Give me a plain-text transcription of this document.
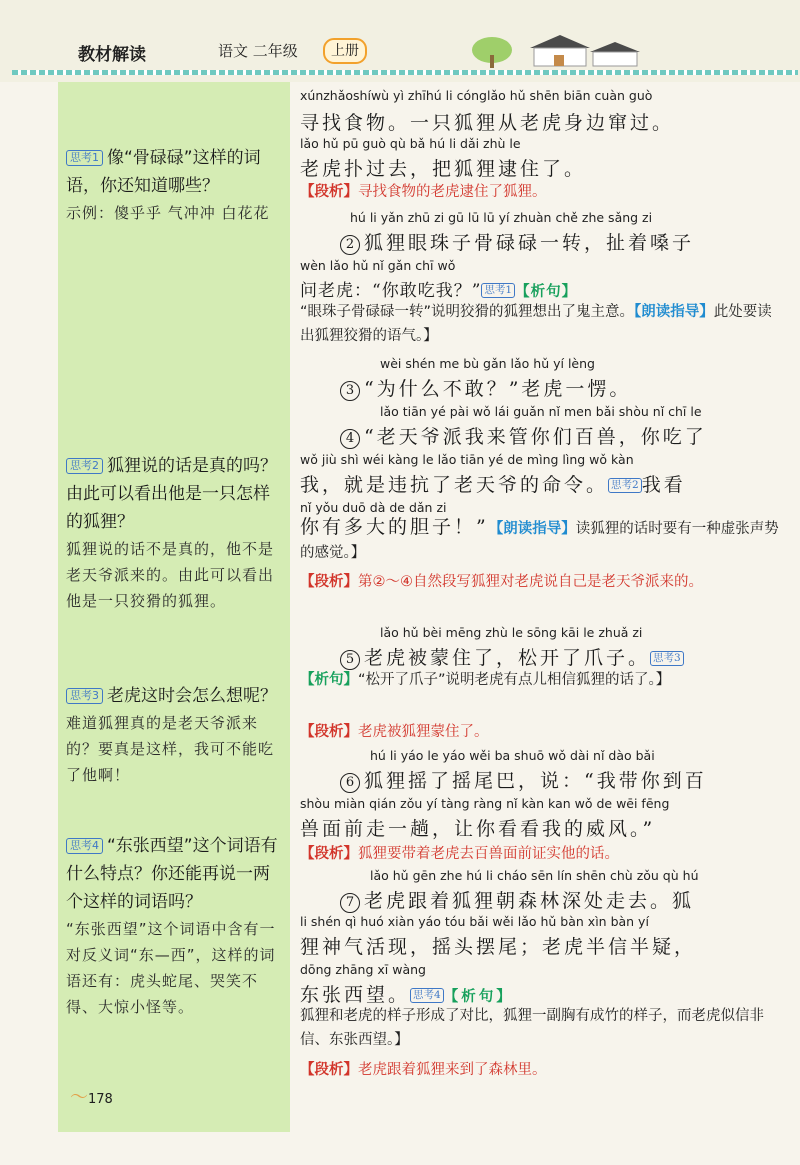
教材解读	语文 二年级	上册
思考1 像“骨碌碌”这样的词语，你还知道哪些？
示例：傻乎乎 气冲冲 白花花
思考2 狐狸说的话是真的吗？由此可以看出他是一只怎样的狐狸？
狐狸说的话不是真的，他不是老天爷派来的。由此可以看出他是一只狡猾的狐狸。
思考3 老虎这时会怎么想呢？
难道狐狸真的是老天爷派来的？要真是这样，我可不能吃了他啊！
思考4 “东张西望”这个词语有什么特点？你还能再说一两个这样的词语吗？
“东张西望”这个词语中含有一对反义词“东—西”，这样的词语还有：虎头蛇尾、哭笑不得、大惊小怪等。
xúnzhǎoshíwù yì zhīhú li cónglǎo hǔ shēn biān cuàn guò
寻找食物。一只狐狸从老虎身边窜过。
lǎo hǔ pū guò qù bǎ hú li dǎi zhù le
老虎扑过去，把狐狸逮住了。
【段析】寻找食物的老虎逮住了狐狸。
hú li yǎn zhū zi gū lū lū yí zhuàn chě zhe sǎng zi
2 狐狸眼珠子骨碌碌一转，扯着嗓子
wèn lǎo hǔ nǐ gǎn chī wǒ
问老虎：“你敢吃我？” 思考1 【析句】
“眼珠子骨碌碌一转”说明狡猾的狐狸想出了鬼主意。【朗读指导】此处要读出狐狸狡猾的语气。】
wèi shén me bù gǎn lǎo hǔ yí lèng
3 “为什么不敢？”老虎一愣。
lǎo tiān yé pài wǒ lái guǎn nǐ men bǎi shòu nǐ chī le
4 “老天爷派我来管你们百兽，你吃了
wǒ jiù shì wéi kàng le lǎo tiān yé de mìng lìng wǒ kàn
我，就是违抗了老天爷的命令。 思考2 我看
nǐ yǒu duō dà de dǎn zi
你有多大的胆子！”【朗读指导】读狐狸的话时要有一种虚张声势的感觉。】
【段析】第②～④自然段写狐狸对老虎说自己是老天爷派来的。
lǎo hǔ bèi mēng zhù le sōng kāi le zhuǎ zi
5 老虎被蒙住了，松开了爪子。 思考3
【析句】“松开了爪子”说明老虎有点儿相信狐狸的话了。】
【段析】老虎被狐狸蒙住了。
hú li yáo le yáo wěi ba shuō wǒ dài nǐ dào bǎi
6 狐狸摇了摇尾巴，说：“我带你到百
shòu miàn qián zǒu yí tàng ràng nǐ kàn kan wǒ de wēi fēng
兽面前走一趟，让你看看我的威风。”
【段析】狐狸要带着老虎去百兽面前证实他的话。
lǎo hǔ gēn zhe hú li cháo sēn lín shēn chù zǒu qù hú
7 老虎跟着狐狸朝森林深处走去。狐
li shén qì huó xiàn yáo tóu bǎi wěi lǎo hǔ bàn xìn bàn yí
狸神气活现，摇头摆尾；老虎半信半疑，
dōng zhāng xī wàng
东张西望。 思考4 【析句】
狐狸和老虎的样子形成了对比，狐狸一副胸有成竹的样子，而老虎似信非信、东张西望。】
【段析】老虎跟着狐狸来到了森林里。
〜178
